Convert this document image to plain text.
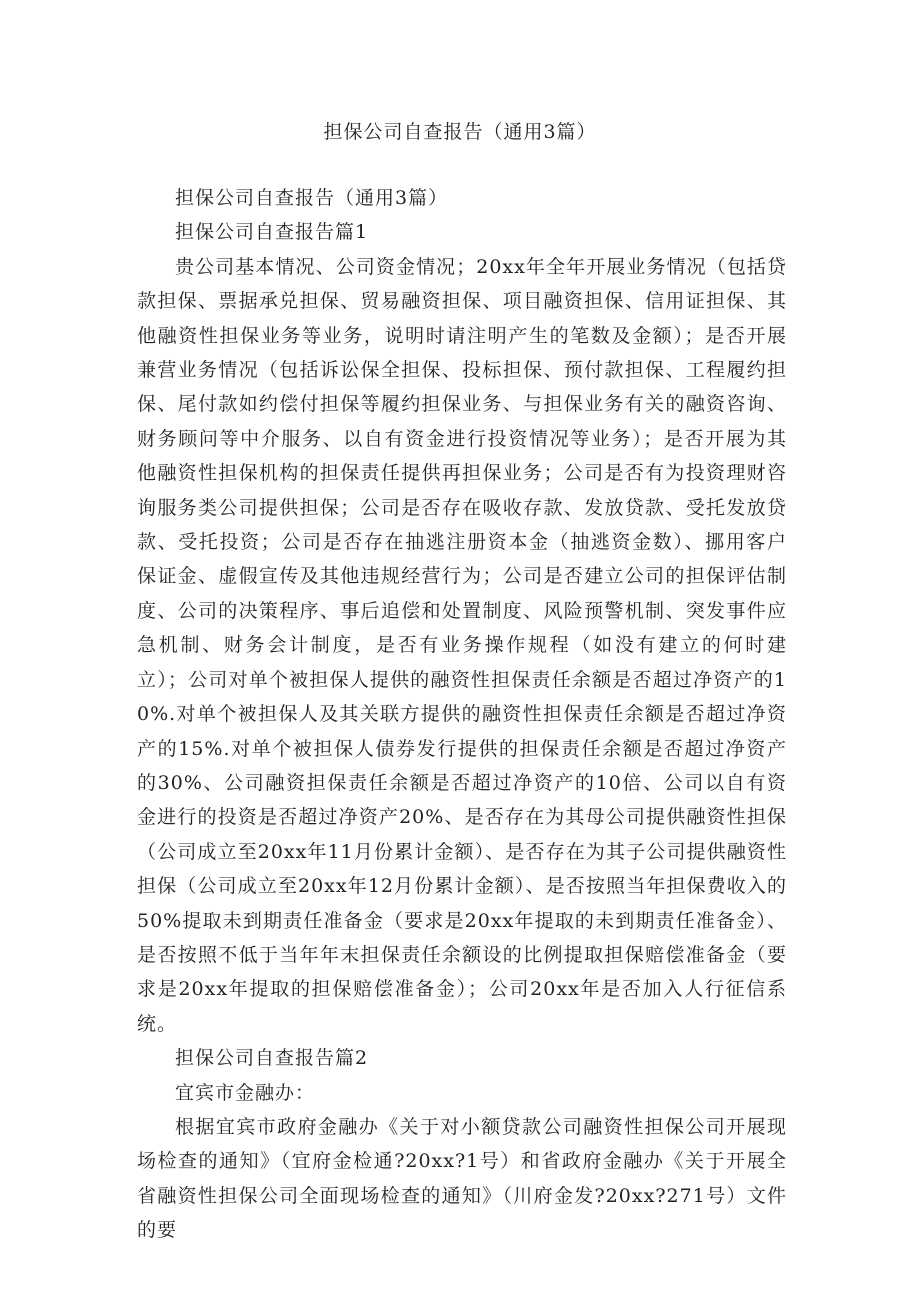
担保公司自查报告（通用3篇）

担保公司自查报告（通用3篇）

担保公司自查报告篇1

贵公司基本情况、公司资金情况；20xx年全年开展业务情况（包括贷款担保、票据承兑担保、贸易融资担保、项目融资担保、信用证担保、其他融资性担保业务等业务，说明时请注明产生的笔数及金额）；是否开展兼营业务情况（包括诉讼保全担保、投标担保、预付款担保、工程履约担保、尾付款如约偿付担保等履约担保业务、与担保业务有关的融资咨询、财务顾问等中介服务、以自有资金进行投资情况等业务）；是否开展为其他融资性担保机构的担保责任提供再担保业务；公司是否有为投资理财咨询服务类公司提供担保；公司是否存在吸收存款、发放贷款、受托发放贷款、受托投资；公司是否存在抽逃注册资本金（抽逃资金数）、挪用客户保证金、虚假宣传及其他违规经营行为；公司是否建立公司的担保评估制度、公司的决策程序、事后追偿和处置制度、风险预警机制、突发事件应急机制、财务会计制度，是否有业务操作规程（如没有建立的何时建立）；公司对单个被担保人提供的融资性担保责任余额是否超过净资产的10%.对单个被担保人及其关联方提供的融资性担保责任余额是否超过净资产的15%.对单个被担保人债券发行提供的担保责任余额是否超过净资产的30%、公司融资担保责任余额是否超过净资产的10倍、公司以自有资金进行的投资是否超过净资产20%、是否存在为其母公司提供融资性担保（公司成立至20xx年11月份累计金额）、是否存在为其子公司提供融资性担保（公司成立至20xx年12月份累计金额）、是否按照当年担保费收入的50%提取未到期责任准备金（要求是20xx年提取的未到期责任准备金）、是否按照不低于当年年末担保责任余额设的比例提取担保赔偿准备金（要求是20xx年提取的担保赔偿准备金）；公司20xx年是否加入人行征信系统。

担保公司自查报告篇2

宜宾市金融办：

根据宜宾市政府金融办《关于对小额贷款公司融资性担保公司开展现场检查的通知》（宜府金检通?20xx?1号）和省政府金融办《关于开展全省融资性担保公司全面现场检查的通知》（川府金发?20xx?271号）文件的要
